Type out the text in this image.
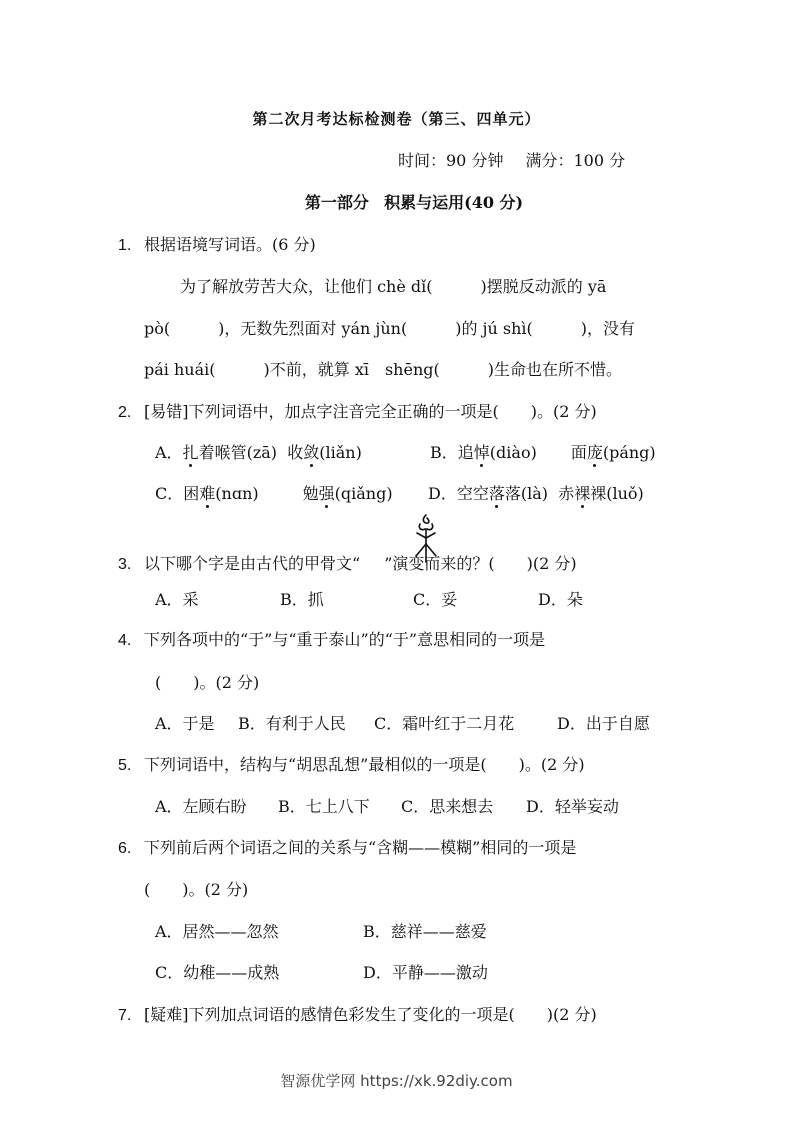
第二次月考达标检测卷（第三、四单元）
时间：90 分钟 满分：100 分
第一部分 积累与运用(40 分)
1. 根据语境写词语。(6 分)
为了解放劳苦大众，让他们 chè dǐ(　　　)摆脱反动派的 yā
pò(　　　)，无数先烈面对 yán jùn(　　　)的 jú shì(　　　)，没有
pái huái(　　　)不前，就算 xī　shēng(　　　)生命也在所不惜。
2. [易错]下列词语中，加点字注音完全正确的一项是(　　)。(2 分)
A．扎着喉管(zā) 收敛(liǎn)	B．追悼(diào) 面庞(páng)
C．困难(nɑn)	勉强(qiǎng) D．空空落落(là) 赤裸裸(luǒ)
3. 以下哪个字是由古代的甲骨文“ ”演变而来的？(　　)(2 分)
A．采	B．抓	C．妥	D．朵
4. 下列各项中的“于”与“重于泰山”的“于”意思相同的一项是
(　　)。(2 分)
A．于是 B．有利于人民 C．霜叶红于二月花	D．出于自愿
5. 下列词语中，结构与“胡思乱想”最相似的一项是(　　)。(2 分)
A．左顾右盼 B．七上八下 C．思来想去 D．轻举妄动
6. 下列前后两个词语之间的关系与“含糊——模糊”相同的一项是
(　　)。(2 分)
A．居然——忽然	B．慈祥——慈爱
C．幼稚——成熟	D．平静——激动
7. [疑难]下列加点词语的感情色彩发生了变化的一项是(　　)(2 分)
智源优学网 https://xk.92diy.com
